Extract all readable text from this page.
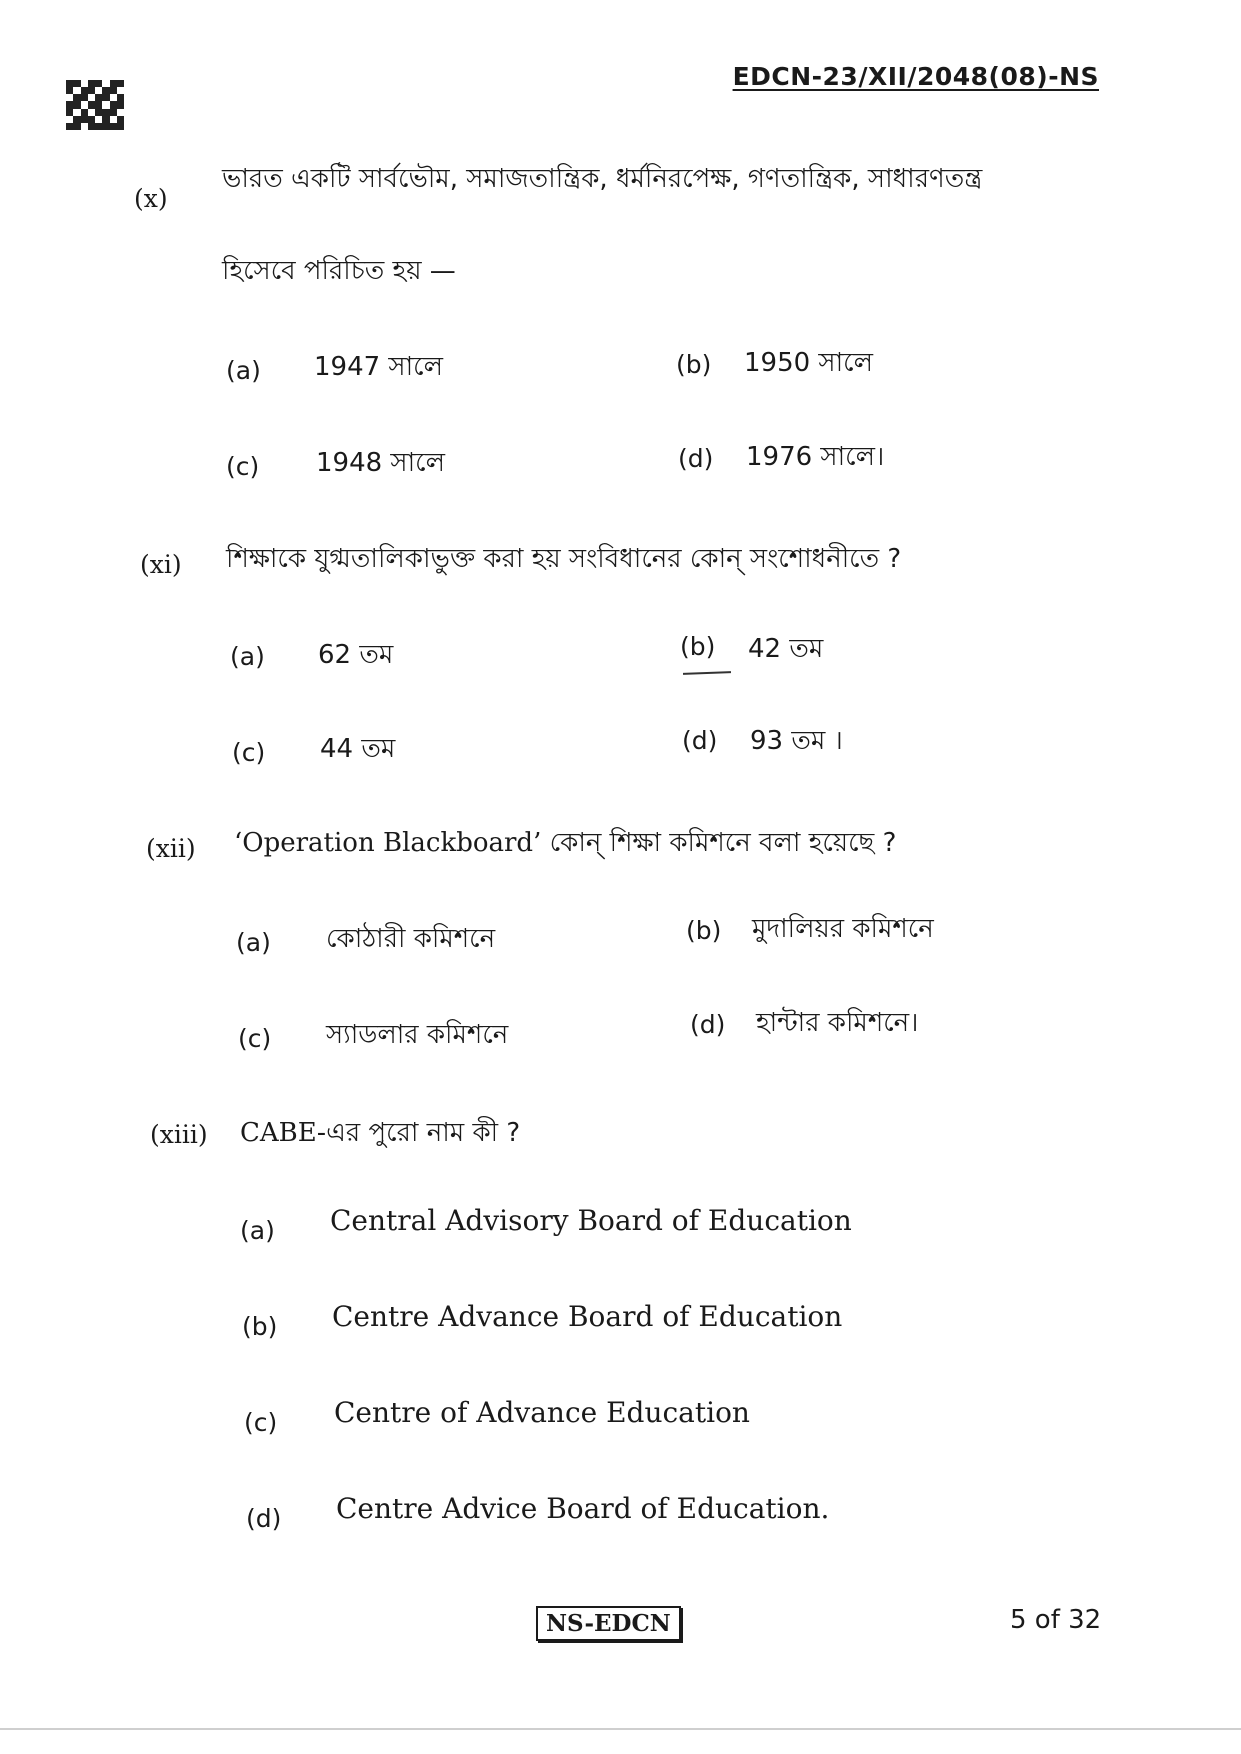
EDCN-23/XII/2048(08)-NS
(x)
ভারত একটি সার্বভৌম, সমাজতান্ত্রিক, ধর্মনিরপেক্ষ, গণতান্ত্রিক, সাধারণতন্ত্র
হিসেবে পরিচিত হয় —
(a) 1947 সালে	(b) 1950 সালে
(c) 1948 সালে	(d) 1976 সালে।
(xi) শিক্ষাকে যুগ্মতালিকাভুক্ত করা হয় সংবিধানের কোন্ সংশোধনীতে ?
(a) 62 তম	(b) 42 তম
(c) 44 তম	(d) 93 তম ।
(xii) ‘Operation Blackboard’ কোন্ শিক্ষা কমিশনে বলা হয়েছে ?
(a) কোঠারী কমিশনে	(b) মুদালিয়র কমিশনে
(c) স্যাডলার কমিশনে	(d) হান্টার কমিশনে।
(xiii) CABE-এর পুরো নাম কী ?
(a) Central Advisory Board of Education
(b) Centre Advance Board of Education
(c) Centre of Advance Education
(d) Centre Advice Board of Education.
NS-EDCN	5 of 32
